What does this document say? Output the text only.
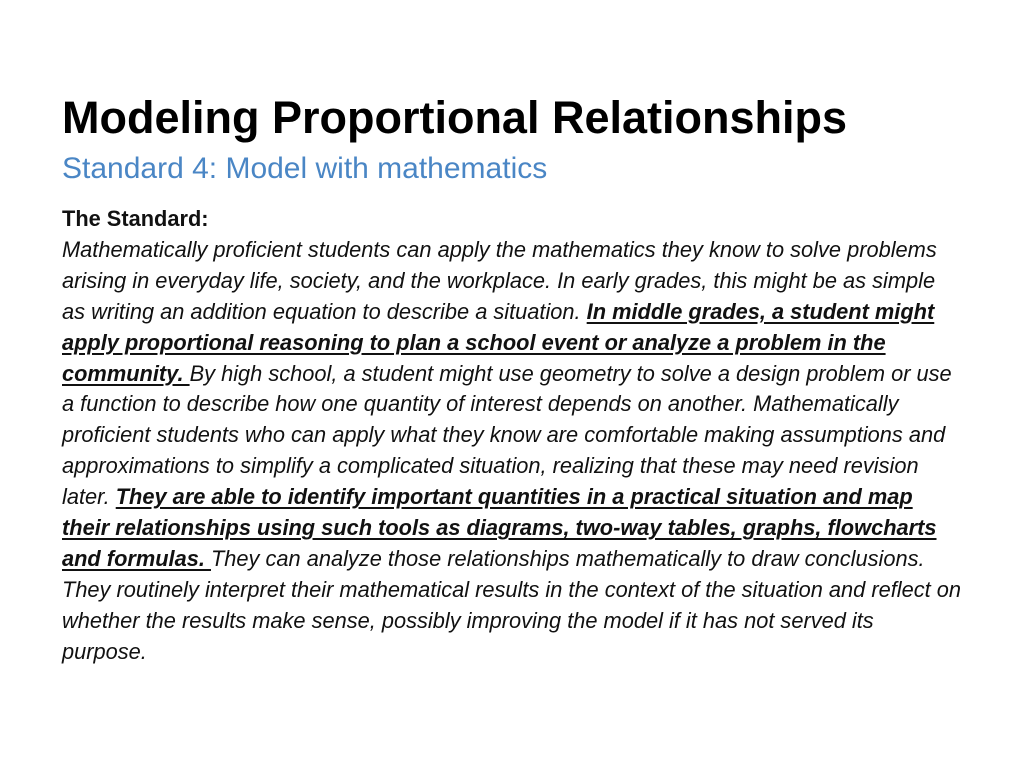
Modeling Proportional Relationships
Standard 4: Model with mathematics
The Standard:
Mathematically proficient students can apply the mathematics they know to solve problems arising in everyday life, society, and the workplace. In early grades, this might be as simple as writing an addition equation to describe a situation. In middle grades, a student might apply proportional reasoning to plan a school event or analyze a problem in the community. By high school, a student might use geometry to solve a design problem or use a function to describe how one quantity of interest depends on another. Mathematically proficient students who can apply what they know are comfortable making assumptions and approximations to simplify a complicated situation, realizing that these may need revision later. They are able to identify important quantities in a practical situation and map their relationships using such tools as diagrams, two-way tables, graphs, flowcharts and formulas. They can analyze those relationships mathematically to draw conclusions. They routinely interpret their mathematical results in the context of the situation and reflect on whether the results make sense, possibly improving the model if it has not served its purpose.
